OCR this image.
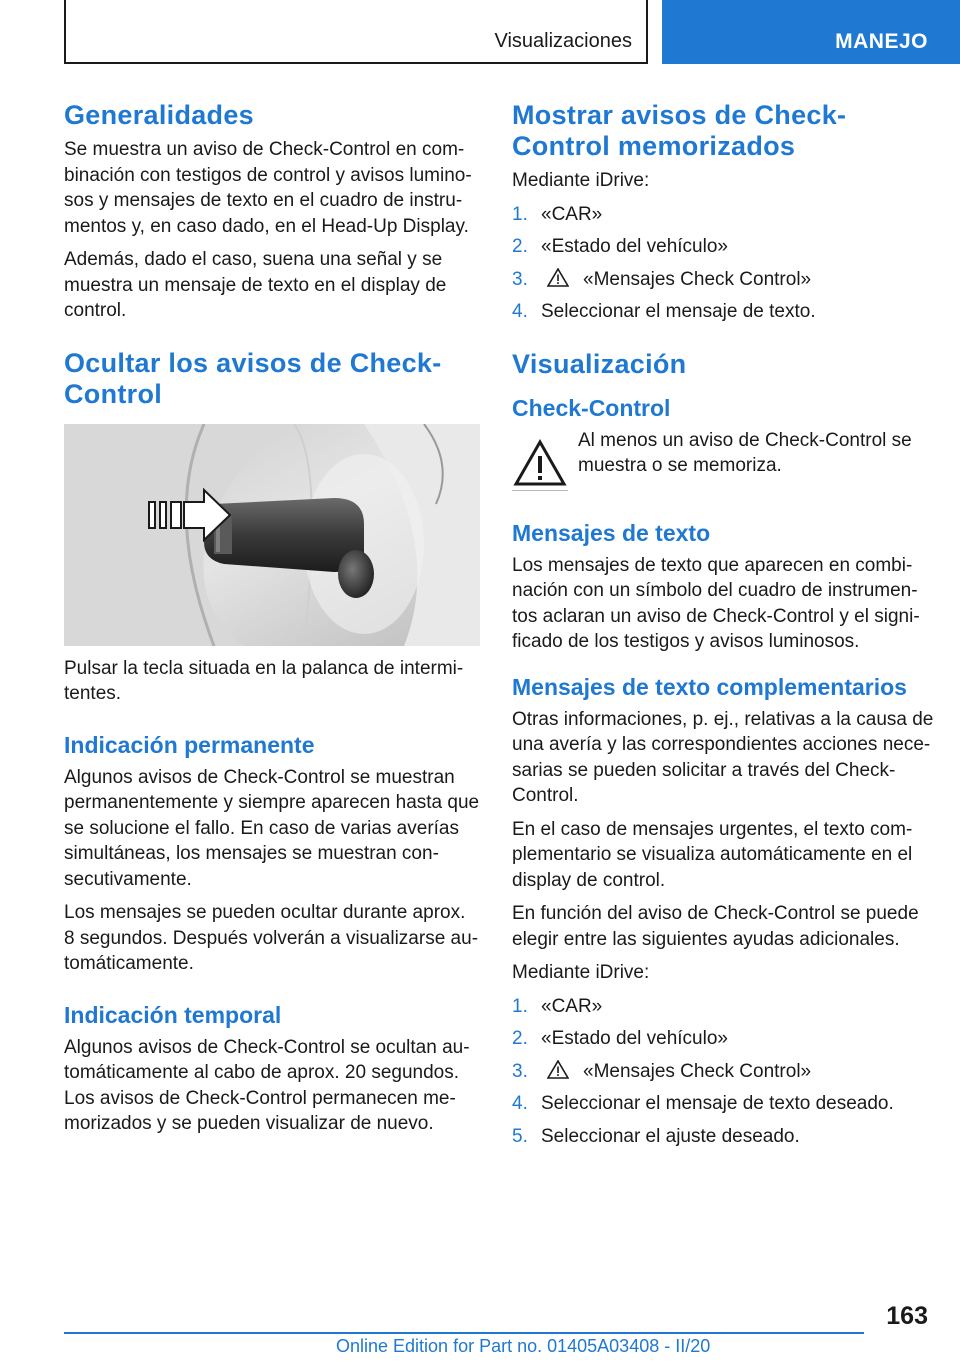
Visualizaciones	MANEJO
Generalidades

Se muestra un aviso de Check-Control en combinación con testigos de control y avisos luminosos y mensajes de texto en el cuadro de instrumentos y, en caso dado, en el Head-Up Display.

Además, dado el caso, suena una señal y se muestra un mensaje de texto en el display de control.

Ocultar los avisos de Check-Control

Pulsar la tecla situada en la palanca de intermitentes.

Indicación permanente

Algunos avisos de Check-Control se muestran permanentemente y siempre aparecen hasta que se solucione el fallo. En caso de varias averías simultáneas, los mensajes se muestran consecutivamente.

Los mensajes se pueden ocultar durante aprox. 8 segundos. Después volverán a visualizarse automáticamente.

Indicación temporal

Algunos avisos de Check-Control se ocultan automáticamente al cabo de aprox. 20 segundos. Los avisos de Check-Control permanecen memorizados y se pueden visualizar de nuevo.

Mostrar avisos de Check-Control memorizados

Mediante iDrive:

1. «CAR»
2. «Estado del vehículo»
3.	«Mensajes Check Control»
4. Seleccionar el mensaje de texto.
Visualización
Check-Control

Al menos un aviso de Check-Control se muestra o se memoriza.

Mensajes de texto

Los mensajes de texto que aparecen en combinación con un símbolo del cuadro de instrumentos aclaran un aviso de Check-Control y el significado de los testigos y avisos luminosos.

Mensajes de texto complementarios

Otras informaciones, p. ej., relativas a la causa de una avería y las correspondientes acciones necesarias se pueden solicitar a través del Check-Control.

En el caso de mensajes urgentes, el texto complementario se visualiza automáticamente en el display de control.

En función del aviso de Check-Control se puede elegir entre las siguientes ayudas adicionales.

Mediante iDrive:

1. «CAR»
2. «Estado del vehículo»
3.	«Mensajes Check Control»
4. Seleccionar el mensaje de texto deseado.
5. Seleccionar el ajuste deseado.
163
Online Edition for Part no. 01405A03408 - II/20
